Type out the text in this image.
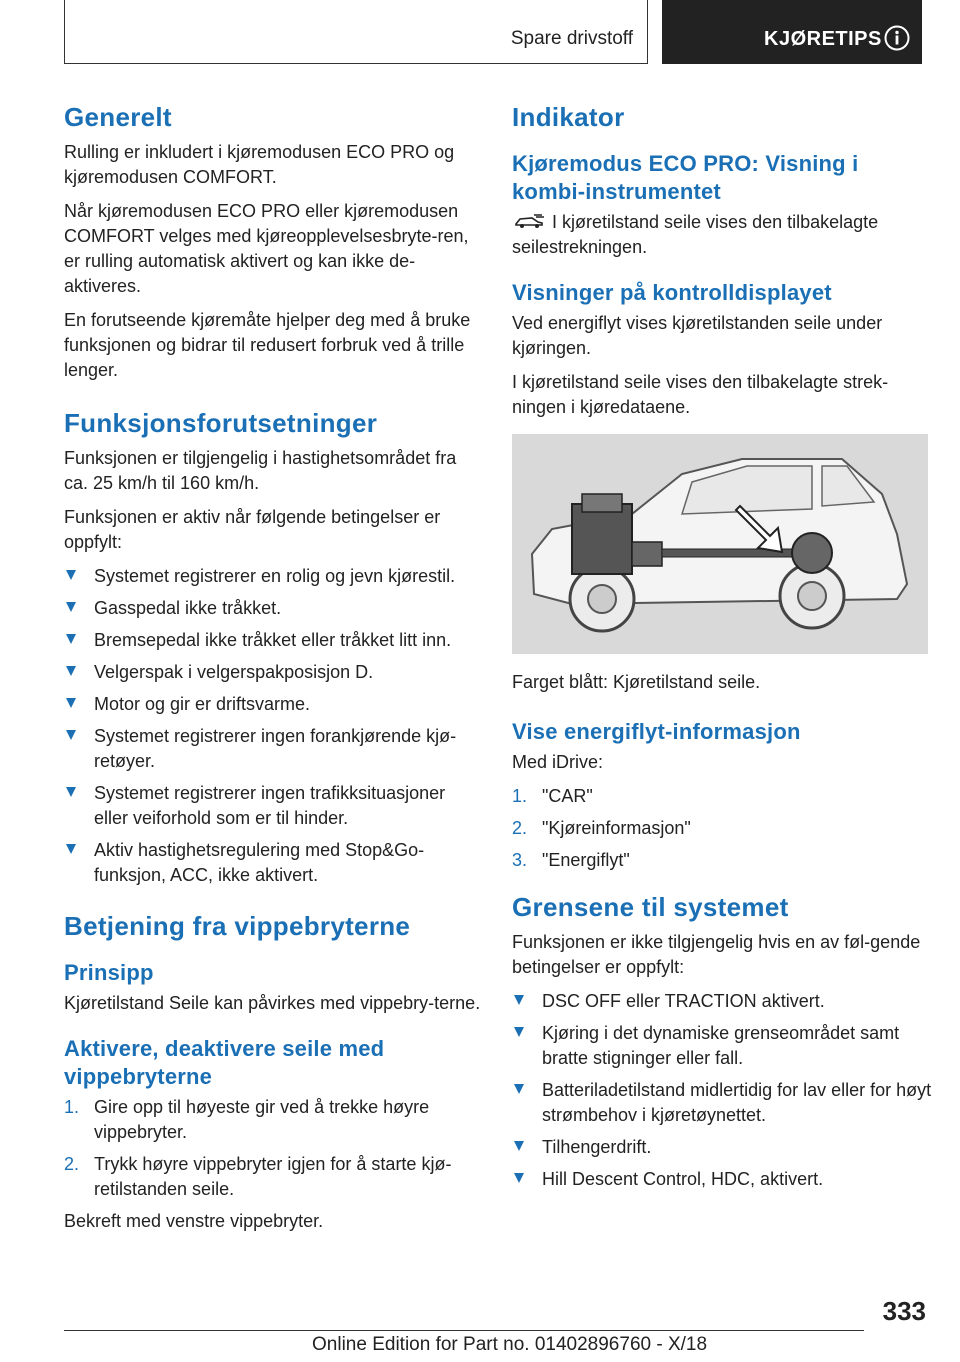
Spare drivstoff	KJØRETIPS
Generelt

Rulling er inkludert i kjøremodusen ECO PRO og kjøremodusen COMFORT.

Når kjøremodusen ECO PRO eller kjøremodusen COMFORT velges med kjøreopplevelsesbryte-ren, er rulling automatisk aktivert og kan ikke de-aktiveres.

En forutseende kjøremåte hjelper deg med å bruke funksjonen og bidrar til redusert forbruk ved å trille lenger.

Funksjonsforutsetninger

Funksjonen er tilgjengelig i hastighetsområdet fra ca. 25 km/h til 160 km/h.

Funksjonen er aktiv når følgende betingelser er oppfylt:

Systemet registrerer en rolig og jevn kjørestil.
Gasspedal ikke tråkket.
Bremsepedal ikke tråkket eller tråkket litt inn.
Velgerspak i velgerspakposisjon D.
Motor og gir er driftsvarme.
Systemet registrerer ingen forankjørende kjø-retøyer.
Systemet registrerer ingen trafikksituasjoner eller veiforhold som er til hinder.
Aktiv hastighetsregulering med Stop&Go-funksjon, ACC, ikke aktivert.
Betjening fra vippebryterne
Prinsipp

Kjøretilstand Seile kan påvirkes med vippebry-terne.

Aktivere, deaktivere seile med vippebryterne
1. Gire opp til høyeste gir ved å trekke høyre vippebryter.
2. Trykk høyre vippebryter igjen for å starte kjø-retilstanden seile.

Bekreft med venstre vippebryter.

Indikator
Kjøremodus ECO PRO: Visning i kombi-instrumentet

I kjøretilstand seile vises den tilbakelagte seilestrekningen.

Visninger på kontrolldisplayet

Ved energiflyt vises kjøretilstanden seile under kjøringen.

I kjøretilstand seile vises den tilbakelagte strek-ningen i kjøredataene.

Farget blått: Kjøretilstand seile.

Vise energiflyt-informasjon

Med iDrive:

1. "CAR"
2. "Kjøreinformasjon"
3. "Energiflyt"
Grensene til systemet

Funksjonen er ikke tilgjengelig hvis en av føl-gende betingelser er oppfylt:

DSC OFF eller TRACTION aktivert.
Kjøring i det dynamiske grenseområdet samt bratte stigninger eller fall.
Batteriladetilstand midlertidig for lav eller for høyt strømbehov i kjøretøynettet.
Tilhengerdrift.
Hill Descent Control, HDC, aktivert.
333
Online Edition for Part no. 01402896760 - X/18
